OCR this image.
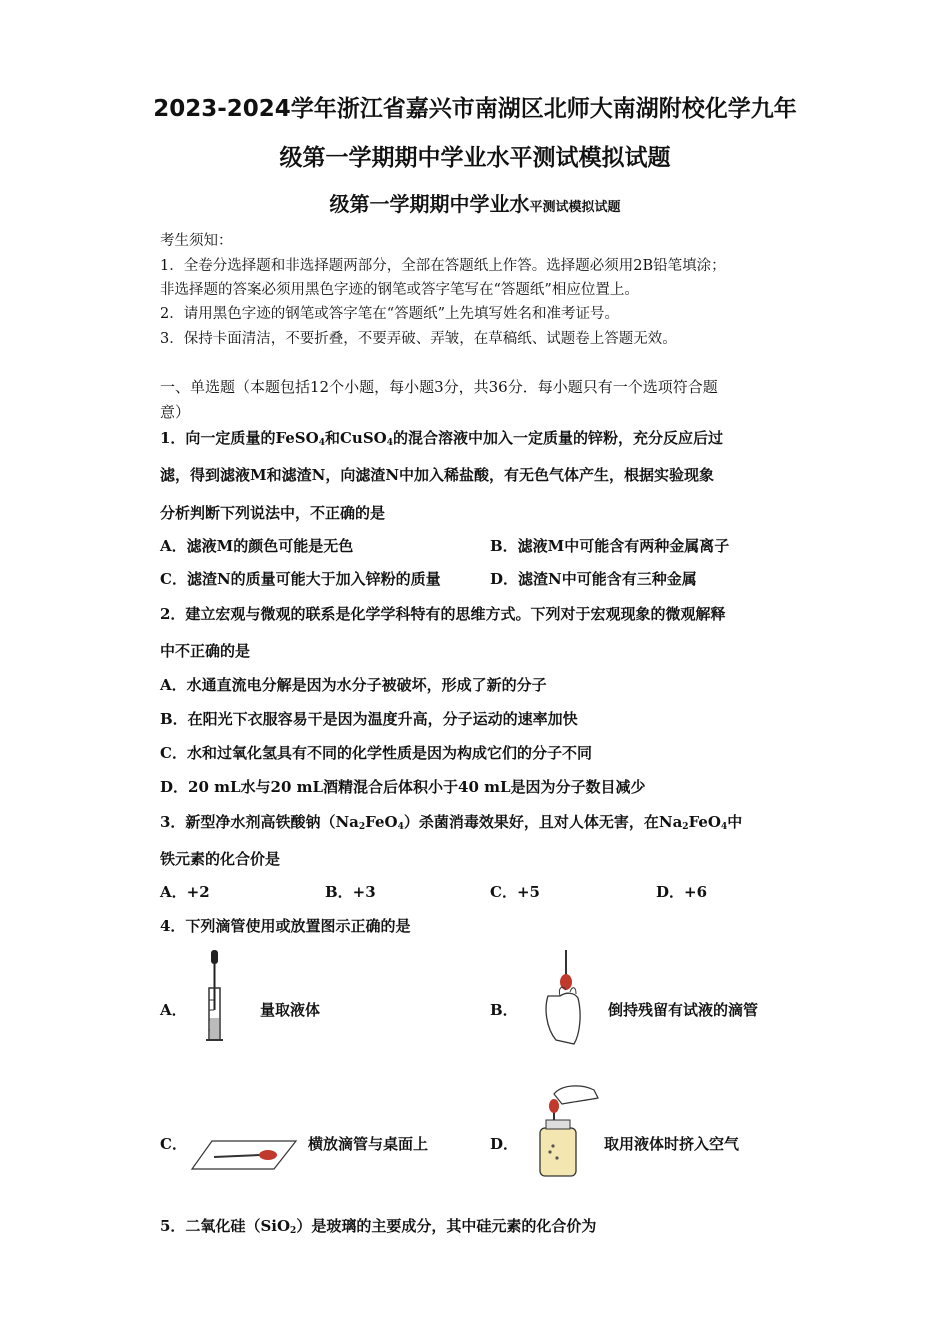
2023-2024学年浙江省嘉兴市南湖区北师大南湖附校化学九年
级第一学期期中学业水平测试模拟试题
级第一学期期中学业水平测试模拟试题
考生须知：
1．全卷分选择题和非选择题两部分，全部在答题纸上作答。选择题必须用2B铅笔填涂；
非选择题的答案必须用黑色字迹的钢笔或答字笔写在“答题纸”相应位置上。
2．请用黑色字迹的钢笔或答字笔在“答题纸”上先填写姓名和准考证号。
3．保持卡面清洁，不要折叠，不要弄破、弄皱，在草稿纸、试题卷上答题无效。
一、单选题（本题包括12个小题，每小题3分，共36分．每小题只有一个选项符合题
意）
1．向一定质量的FeSO$_4$和CuSO$_4$的混合溶液中加入一定质量的锌粉，充分反应后过
滤，得到滤液M和滤渣N，向滤渣N中加入稀盐酸，有无色气体产生，根据实验现象
分析判断下列说法中，不正确的是
A．滤液M的颜色可能是无色	B．滤液M中可能含有两种金属离子
C．滤渣N的质量可能大于加入锌粉的质量	D．滤渣N中可能含有三种金属
2．建立宏观与微观的联系是化学学科特有的思维方式。下列对于宏观现象的微观解释
中不正确的是
A．水通直流电分解是因为水分子被破坏，形成了新的分子
B．在阳光下衣服容易干是因为温度升高，分子运动的速率加快
C．水和过氧化氢具有不同的化学性质是因为构成它们的分子不同
D．20 mL水与20 mL酒精混合后体积小于40 mL是因为分子数目减少
3．新型净水剂高铁酸钠$(Na_2FeO_4)$杀菌消毒效果好，且对人体无害，在$Na_2FeO_4$中
铁元素的化合价是
A．+2	B．+3	C．+5	D．+6
4．下列滴管使用或放置图示正确的是
A．	量取液体	B．	倒持残留有试液的滴管
C．	横放滴管与桌面上	D．	取用液体时挤入空气
5．二氧化硅（SiO$_2$）是玻璃的主要成分，其中硅元素的化合价为
